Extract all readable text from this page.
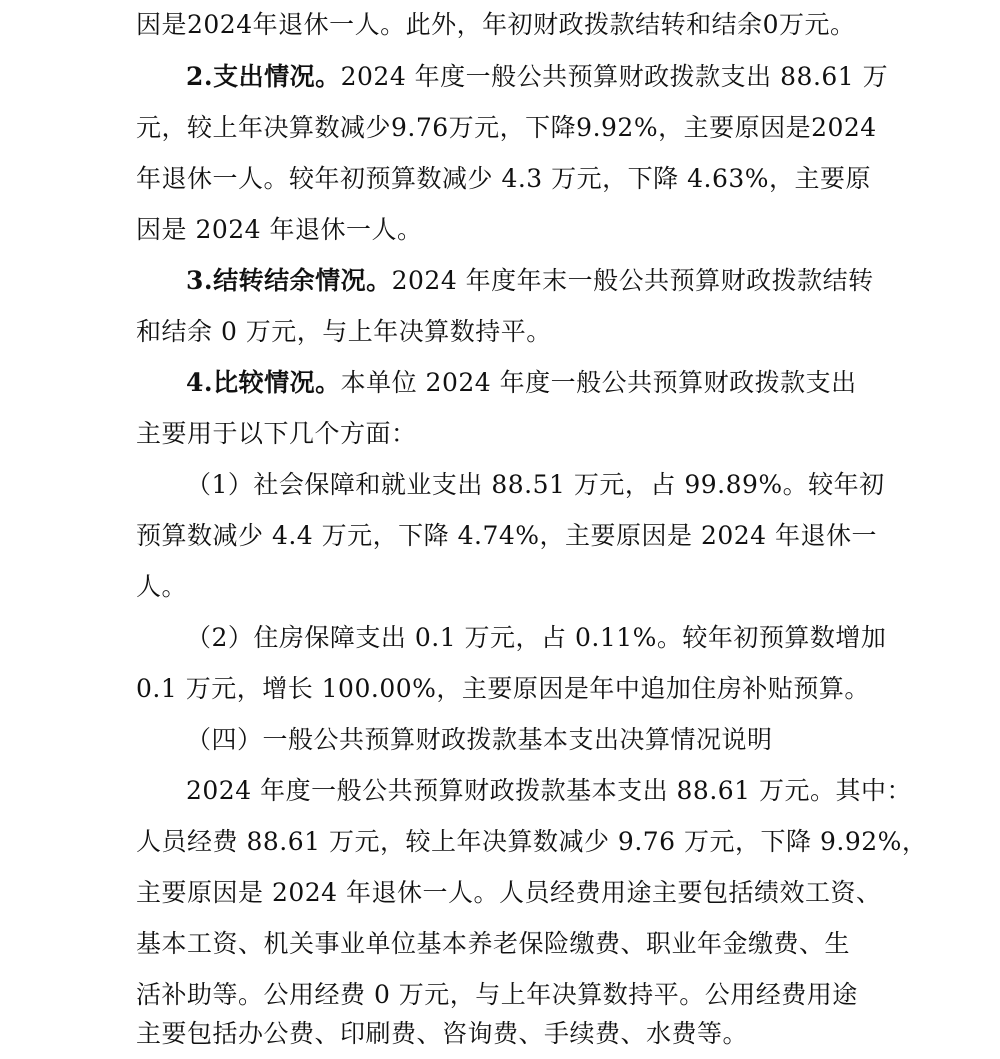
因是2024年退休一人。此外，年初财政拨款结转和结余0万元。
2.支出情况。2024 年度一般公共预算财政拨款支出 88.61 万
元，较上年决算数减少9.76万元，下降9.92%，主要原因是2024
年退休一人。较年初预算数减少 4.3 万元，下降 4.63%，主要原
因是 2024 年退休一人。
3.结转结余情况。2024 年度年末一般公共预算财政拨款结转
和结余 0 万元，与上年决算数持平。
4.比较情况。本单位 2024 年度一般公共预算财政拨款支出
主要用于以下几个方面：
（1）社会保障和就业支出 88.51 万元，占 99.89%。较年初
预算数减少 4.4 万元，下降 4.74%，主要原因是 2024 年退休一
人。
（2）住房保障支出 0.1 万元，占 0.11%。较年初预算数增加
0.1 万元，增长 100.00%，主要原因是年中追加住房补贴预算。
（四）一般公共预算财政拨款基本支出决算情况说明
2024 年度一般公共预算财政拨款基本支出 88.61 万元。其中：
人员经费 88.61 万元，较上年决算数减少 9.76 万元，下降 9.92%，
主要原因是 2024 年退休一人。人员经费用途主要包括绩效工资、
基本工资、机关事业单位基本养老保险缴费、职业年金缴费、生
活补助等。公用经费 0 万元，与上年决算数持平。公用经费用途
主要包括办公费、印刷费、咨询费、手续费、水费等。
